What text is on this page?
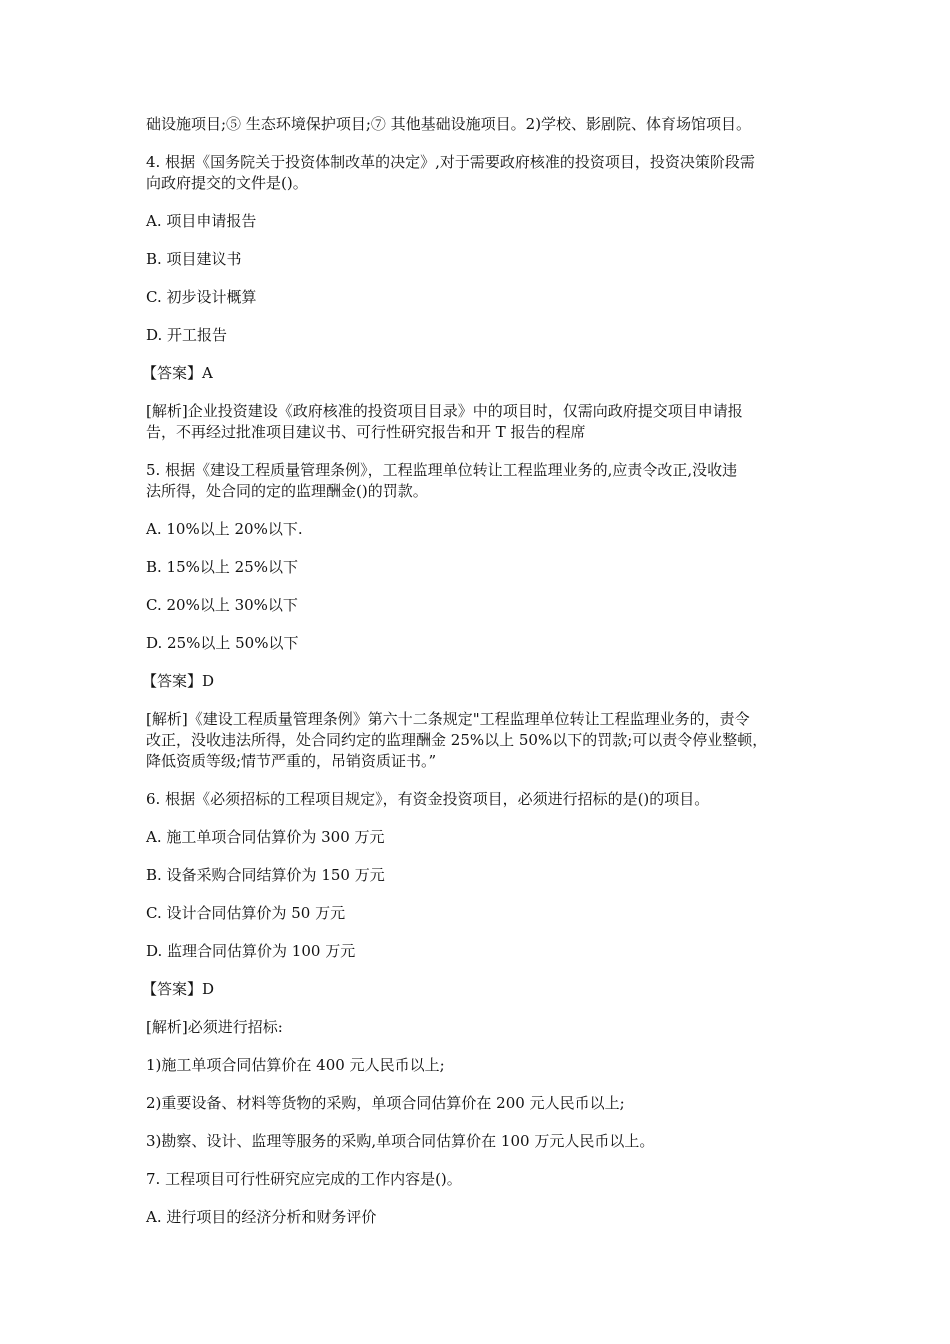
础设施项目;⑤ 生态环境保护项目;⑦ 其他基础设施项目。2)学校、影剧院、体育场馆项目。

4. 根据《国务院关于投资体制改革的决定》,对于需要政府核准的投资项目，投资决策阶段需
向政府提交的文件是()。

A. 项目申请报告

B. 项目建议书

C. 初步设计概算

D. 开工报告

【答案】A

[解析]企业投资建设《政府核准的投资项目目录》中的项目时，仅需向政府提交项目申请报
告，不再经过批准项目建议书、可行性研究报告和开 T 报告的程席

5. 根据《建设工程质量管理条例》，工程监理单位转让工程监理业务的,应责令改正,没收违
法所得，处合同的定的监理酬金()的罚款。

A. 10%以上 20%以下.

B. 15%以上 25%以下

C. 20%以上 30%以下

D. 25%以上 50%以下

【答案】D

[解析]《建设工程质量管理条例》第六十二条规定"工程监理单位转让工程监理业务的，责令
改正，没收违法所得，处合同约定的监理酬金 25%以上 50%以下的罚款;可以责令停业整顿，
降低资质等级;情节严重的，吊销资质证书。”

6. 根据《必须招标的工程项目规定》，有资金投资项目，必须进行招标的是()的项目。

A. 施工单项合同估算价为 300 万元

B. 设备采购合同结算价为 150 万元

C. 设计合同估算价为 50 万元

D. 监理合同估算价为 100 万元

【答案】D

[解析]必须进行招标:

1)施工单项合同估算价在 400 元人民币以上;

2)重要设备、材料等货物的采购，单项合同估算价在 200 元人民币以上;

3)勘察、设计、监理等服务的采购,单项合同估算价在 100 万元人民币以上。

7. 工程项目可行性研究应完成的工作内容是()。

A. 进行项目的经济分析和财务评价
